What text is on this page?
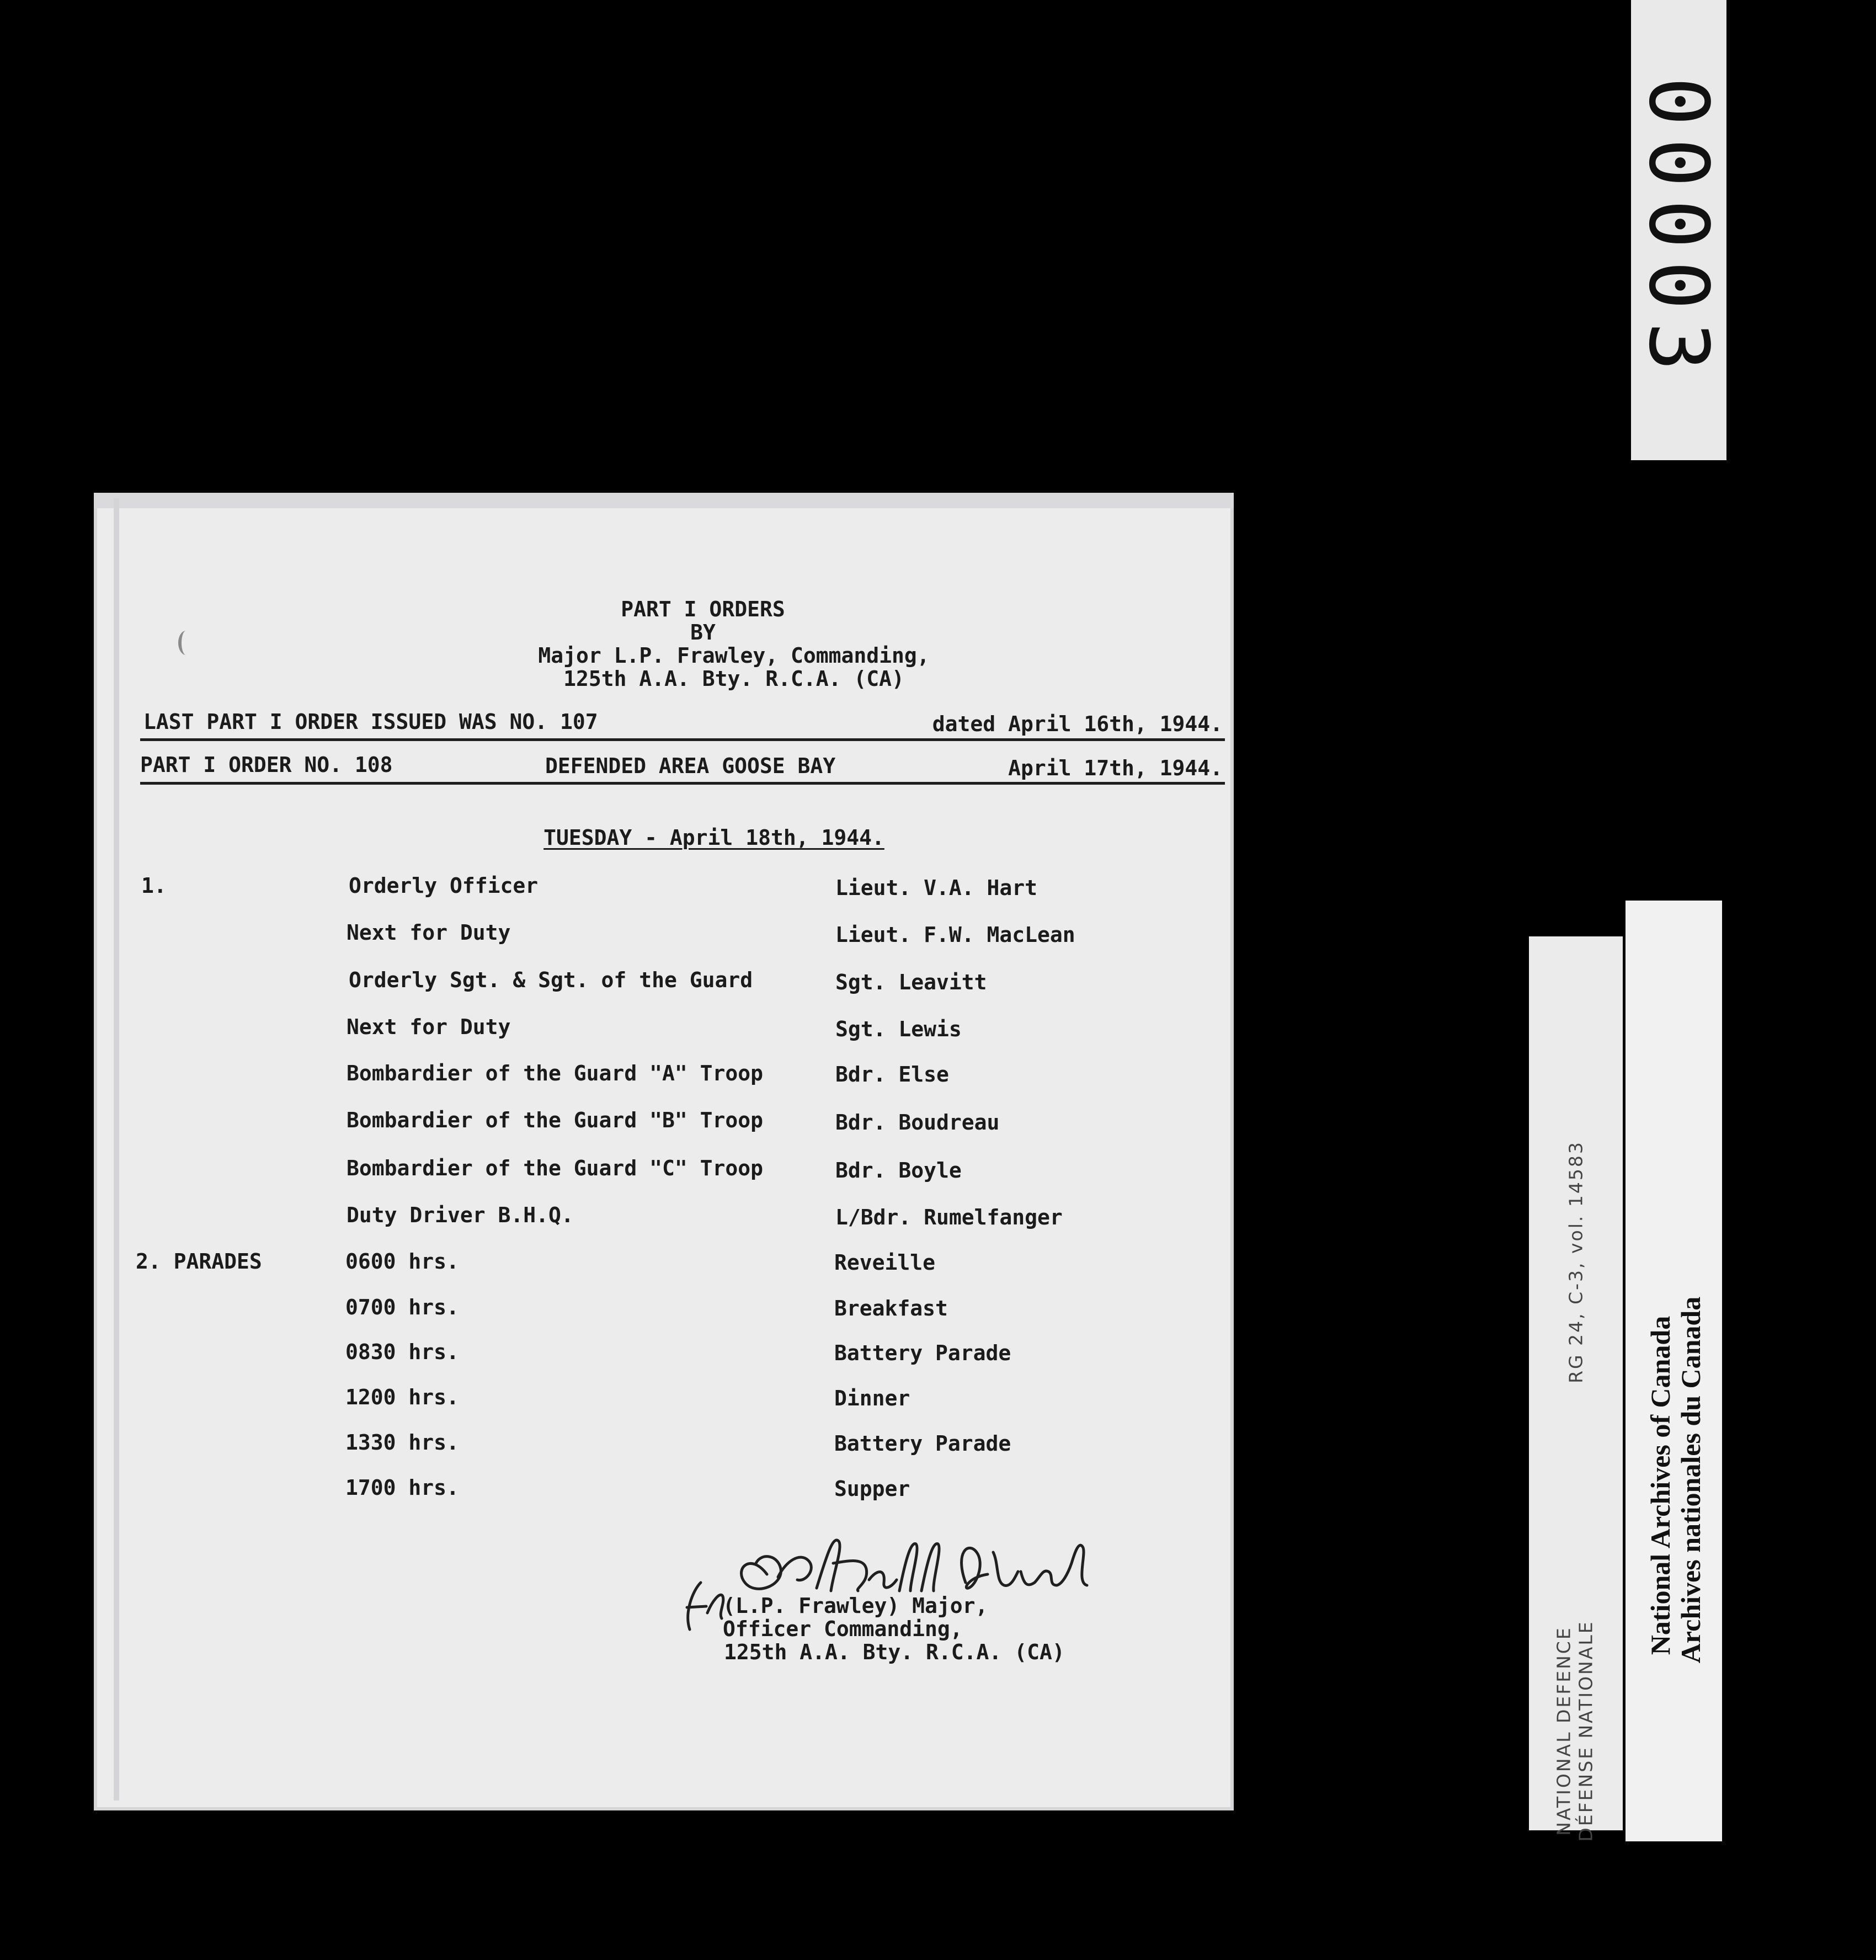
00003
PART I ORDERS
BY
Major L.P. Frawley, Commanding,
125th A.A. Bty. R.C.A. (CA)
LAST PART I ORDER ISSUED WAS NO. 107	dated April 16th, 1944.
PART I ORDER NO. 108	DEFENDED AREA GOOSE BAY	April 17th, 1944.
TUESDAY - April 18th, 1944.
1.	Orderly Officer	Lieut. V.A. Hart
Next for Duty	Lieut. F.W. MacLean
Orderly Sgt. & Sgt. of the Guard	Sgt. Leavitt
Next for Duty	Sgt. Lewis
Bombardier of the Guard "A" Troop	Bdr. Else
Bombardier of the Guard "B" Troop	Bdr. Boudreau
Bombardier of the Guard "C" Troop	Bdr. Boyle
Duty Driver B.H.Q.	L/Bdr. Rumelfanger
2. PARADES	0600 hrs.	Reveille
0700 hrs.	Breakfast
0830 hrs.	Battery Parade
1200 hrs.	Dinner
1330 hrs.	Battery Parade
1700 hrs.	Supper
(L.P. Frawley) Major,
Officer Commanding,
125th A.A. Bty. R.C.A. (CA)
RG 24, C-3, vol. 14583
NATIONAL DEFENCE DÉFENSE NATIONALE
National Archives of Canada Archives nationales du Canada
